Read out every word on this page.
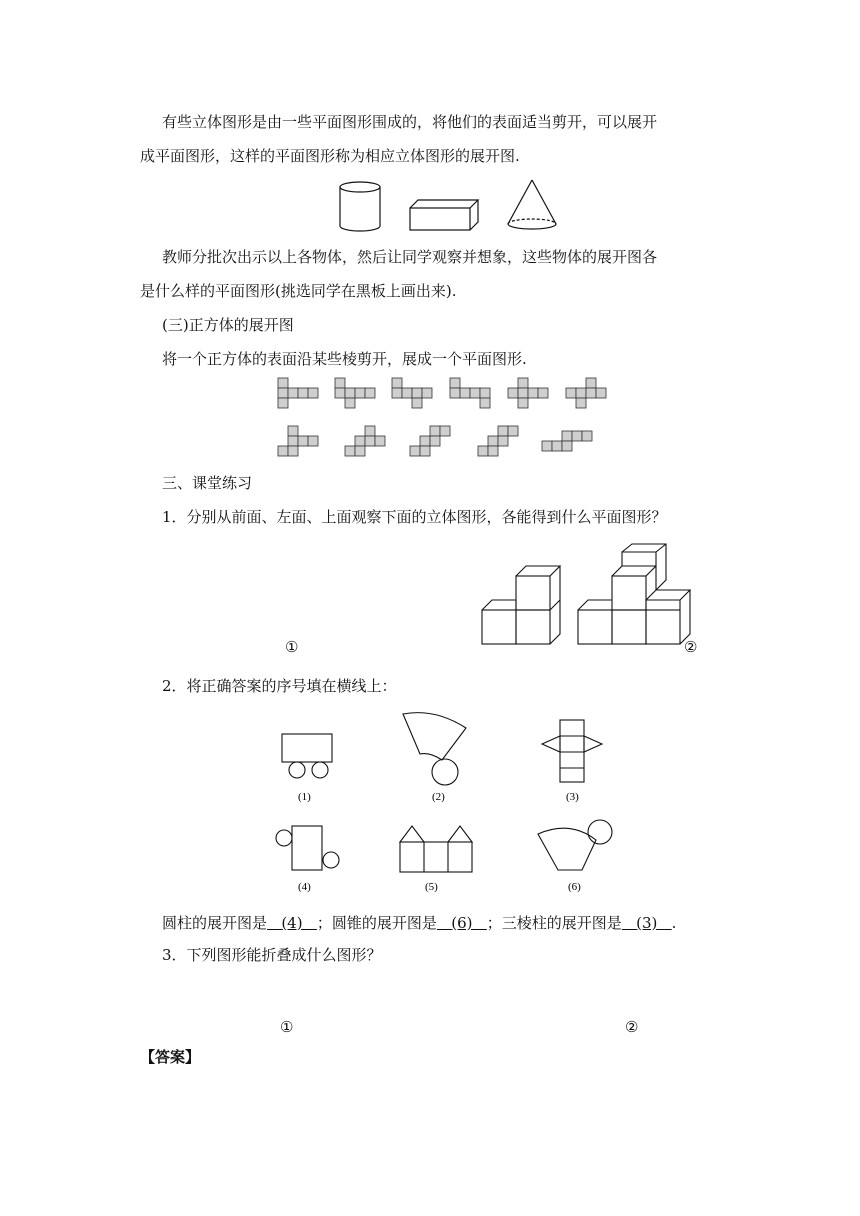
有些立体图形是由一些平面图形围成的，将他们的表面适当剪开，可以展开
成平面图形，这样的平面图形称为相应立体图形的展开图.
教师分批次出示以上各物体，然后让同学观察并想象，这些物体的展开图各
是什么样的平面图形(挑选同学在黑板上画出来).
(三)正方体的展开图
将一个正方体的表面沿某些棱剪开，展成一个平面图形.
三、课堂练习
1．分别从前面、左面、上面观察下面的立体图形，各能得到什么平面图形？
①	②
2．将正确答案的序号填在横线上：
(1)	(2)	(3)
(4)	(5)	(6)
圆柱的展开图是 (4) ；圆锥的展开图是 (6) ；三棱柱的展开图是 (3) .
3．下列图形能折叠成什么图形？
①	②
【答案】
